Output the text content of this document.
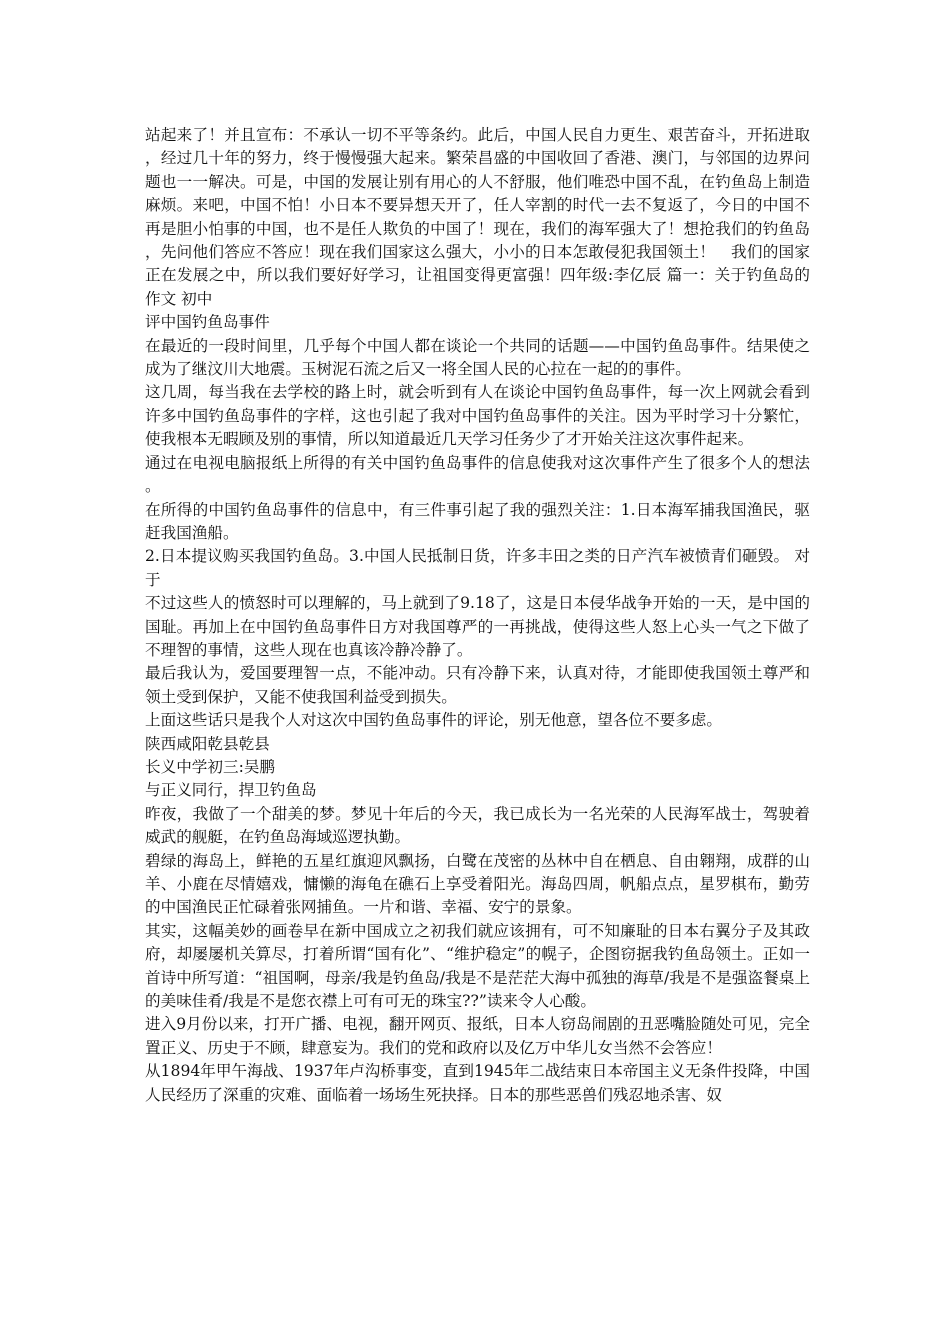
站起来了！并且宣布：不承认一切不平等条约。此后，中国人民自力更生、艰苦奋斗，开拓进取，经过几十年的努力，终于慢慢强大起来。繁荣昌盛的中国收回了香港、澳门，与邻国的边界问题也一一解决。可是，中国的发展让别有用心的人不舒服，他们唯恐中国不乱，在钓鱼岛上制造麻烦。来吧，中国不怕！小日本不要异想天开了，任人宰割的时代一去不复返了，今日的中国不再是胆小怕事的中国，也不是任人欺负的中国了！现在，我们的海军强大了！想抢我们的钓鱼岛，先问他们答应不答应！现在我们国家这么强大，小小的日本怎敢侵犯我国领土！　我们的国家正在发展之中，所以我们要好好学习，让祖国变得更富强！四年级:李亿辰 篇一：关于钓鱼岛的作文 初中

评中国钓鱼岛事件

在最近的一段时间里，几乎每个中国人都在谈论一个共同的话题——中国钓鱼岛事件。结果使之成为了继汶川大地震。玉树泥石流之后又一将全国人民的心拉在一起的的事件。

这几周，每当我在去学校的路上时，就会听到有人在谈论中国钓鱼岛事件，每一次上网就会看到许多中国钓鱼岛事件的字样，这也引起了我对中国钓鱼岛事件的关注。因为平时学习十分繁忙，使我根本无暇顾及别的事情，所以知道最近几天学习任务少了才开始关注这次事件起来。

通过在电视电脑报纸上所得的有关中国钓鱼岛事件的信息使我对这次事件产生了很多个人的想法。

在所得的中国钓鱼岛事件的信息中，有三件事引起了我的强烈关注：1.日本海军捕我国渔民，驱赶我国渔船。

2.日本提议购买我国钓鱼岛。3.中国人民抵制日货，许多丰田之类的日产汽车被愤青们砸毁。 对于

不过这些人的愤怒时可以理解的，马上就到了9.18了，这是日本侵华战争开始的一天，是中国的国耻。再加上在中国钓鱼岛事件日方对我国尊严的一再挑战，使得这些人怒上心头一气之下做了不理智的事情，这些人现在也真该冷静冷静了。

最后我认为，爱国要理智一点，不能冲动。只有冷静下来，认真对待，才能即使我国领土尊严和领土受到保护，又能不使我国利益受到损失。

上面这些话只是我个人对这次中国钓鱼岛事件的评论，别无他意，望各位不要多虑。

陕西咸阳乾县乾县

长义中学初三:吴鹏

与正义同行，捍卫钓鱼岛

昨夜，我做了一个甜美的梦。梦见十年后的今天，我已成长为一名光荣的人民海军战士，驾驶着威武的舰艇，在钓鱼岛海域巡逻执勤。

碧绿的海岛上，鲜艳的五星红旗迎风飘扬，白鹭在茂密的丛林中自在栖息、自由翱翔，成群的山羊、小鹿在尽情嬉戏，慵懒的海龟在礁石上享受着阳光。海岛四周，帆船点点，星罗棋布，勤劳的中国渔民正忙碌着张网捕鱼。一片和谐、幸福、安宁的景象。

其实，这幅美妙的画卷早在新中国成立之初我们就应该拥有，可不知廉耻的日本右翼分子及其政府，却屡屡机关算尽，打着所谓“国有化”、“维护稳定”的幌子，企图窃据我钓鱼岛领土。正如一首诗中所写道：“祖国啊，母亲/我是钓鱼岛/我是不是茫茫大海中孤独的海草/我是不是强盗餐桌上的美味佳肴/我是不是您衣襟上可有可无的珠宝??”读来令人心酸。

进入9月份以来，打开广播、电视，翻开网页、报纸，日本人窃岛闹剧的丑恶嘴脸随处可见，完全置正义、历史于不顾，肆意妄为。我们的党和政府以及亿万中华儿女当然不会答应！

从1894年甲午海战、1937年卢沟桥事变，直到1945年二战结束日本帝国主义无条件投降，中国人民经历了深重的灾难、面临着一场场生死抉择。日本的那些恶兽们残忍地杀害、奴
